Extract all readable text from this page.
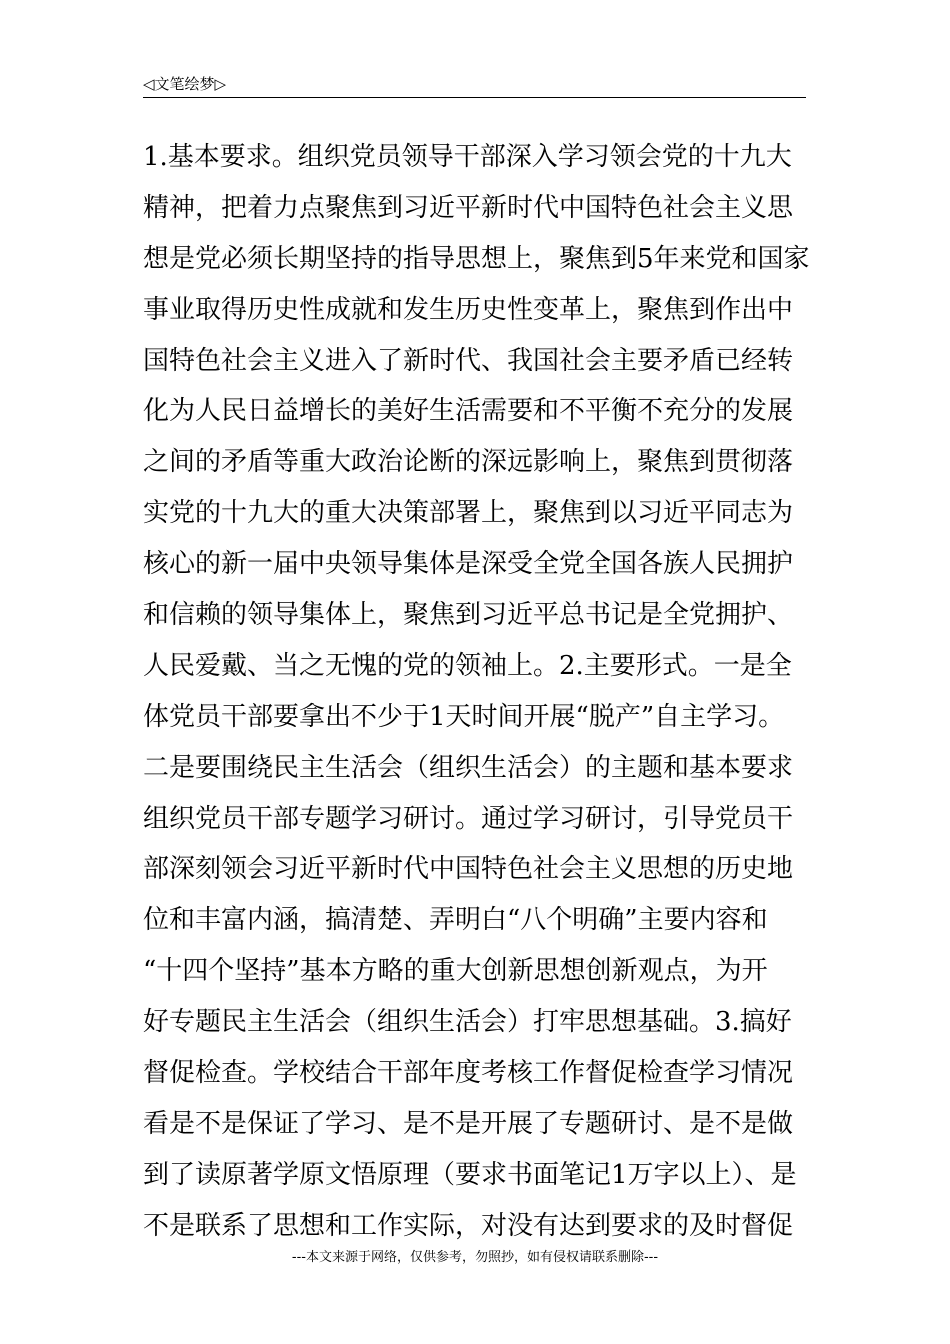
◁文笔绘梦▷
1.基本要求。组织党员领导干部深入学习领会党的十九大
精神，把着力点聚焦到习近平新时代中国特色社会主义思
想是党必须长期坚持的指导思想上，聚焦到5年来党和国家
事业取得历史性成就和发生历史性变革上，聚焦到作出中
国特色社会主义进入了新时代、我国社会主要矛盾已经转
化为人民日益增长的美好生活需要和不平衡不充分的发展
之间的矛盾等重大政治论断的深远影响上，聚焦到贯彻落
实党的十九大的重大决策部署上，聚焦到以习近平同志为
核心的新一届中央领导集体是深受全党全国各族人民拥护
和信赖的领导集体上，聚焦到习近平总书记是全党拥护、
人民爱戴、当之无愧的党的领袖上。2.主要形式。一是全
体党员干部要拿出不少于1天时间开展“脱产”自主学习。
二是要围绕民主生活会（组织生活会）的主题和基本要求
组织党员干部专题学习研讨。通过学习研讨，引导党员干
部深刻领会习近平新时代中国特色社会主义思想的历史地
位和丰富内涵，搞清楚、弄明白“八个明确”主要内容和
“十四个坚持”基本方略的重大创新思想创新观点，为开
好专题民主生活会（组织生活会）打牢思想基础。3.搞好
督促检查。学校结合干部年度考核工作督促检查学习情况
看是不是保证了学习、是不是开展了专题研讨、是不是做
到了读原著学原文悟原理（要求书面笔记1万字以上）、是
不是联系了思想和工作实际，对没有达到要求的及时督促
---本文来源于网络，仅供参考，勿照抄，如有侵权请联系删除---
